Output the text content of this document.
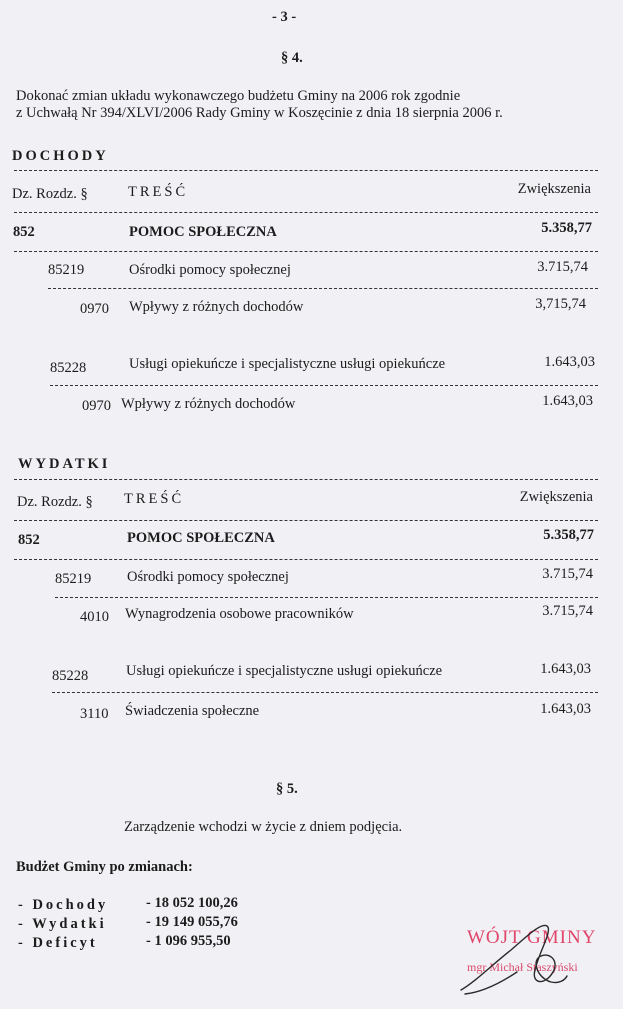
- 3 -
§ 4.
Dokonać zmian układu wykonawczego budżetu Gminy na 2006 rok zgodnie
z Uchwałą Nr 394/XLVI/2006 Rady Gminy w Koszęcinie z dnia 18 sierpnia 2006 r.
DOCHODY
Dz. Rozdz. §	TREŚĆ	Zwiększenia
852	POMOC SPOŁECZNA	5.358,77
85219	Ośrodki pomocy społecznej	3.715,74
0970 Wpływy z różnych dochodów	3,715,74
85228	Usługi opiekuńcze i specjalistyczne usługi opiekuńcze	1.643,03
0970 Wpływy z różnych dochodów	1.643,03
WYDATKI
Dz. Rozdz. § TREŚĆ	Zwiększenia
852	POMOC SPOŁECZNA	5.358,77
85219 Ośrodki pomocy społecznej	3.715,74
4010 Wynagrodzenia osobowe pracowników	3.715,74
85228	Usługi opiekuńcze i specjalistyczne usługi opiekuńcze	1.643,03
3110 Świadczenia społeczne	1.643,03
§ 5.
Zarządzenie wchodzi w życie z dniem podjęcia.
Budżet Gminy po zmianach:
- Dochody	- 18 052 100,26
- Wydatki	- 19 149 055,76
- Deficyt	- 1 096 955,50	WÓJT GMINY
mgr Michał Staszyński
